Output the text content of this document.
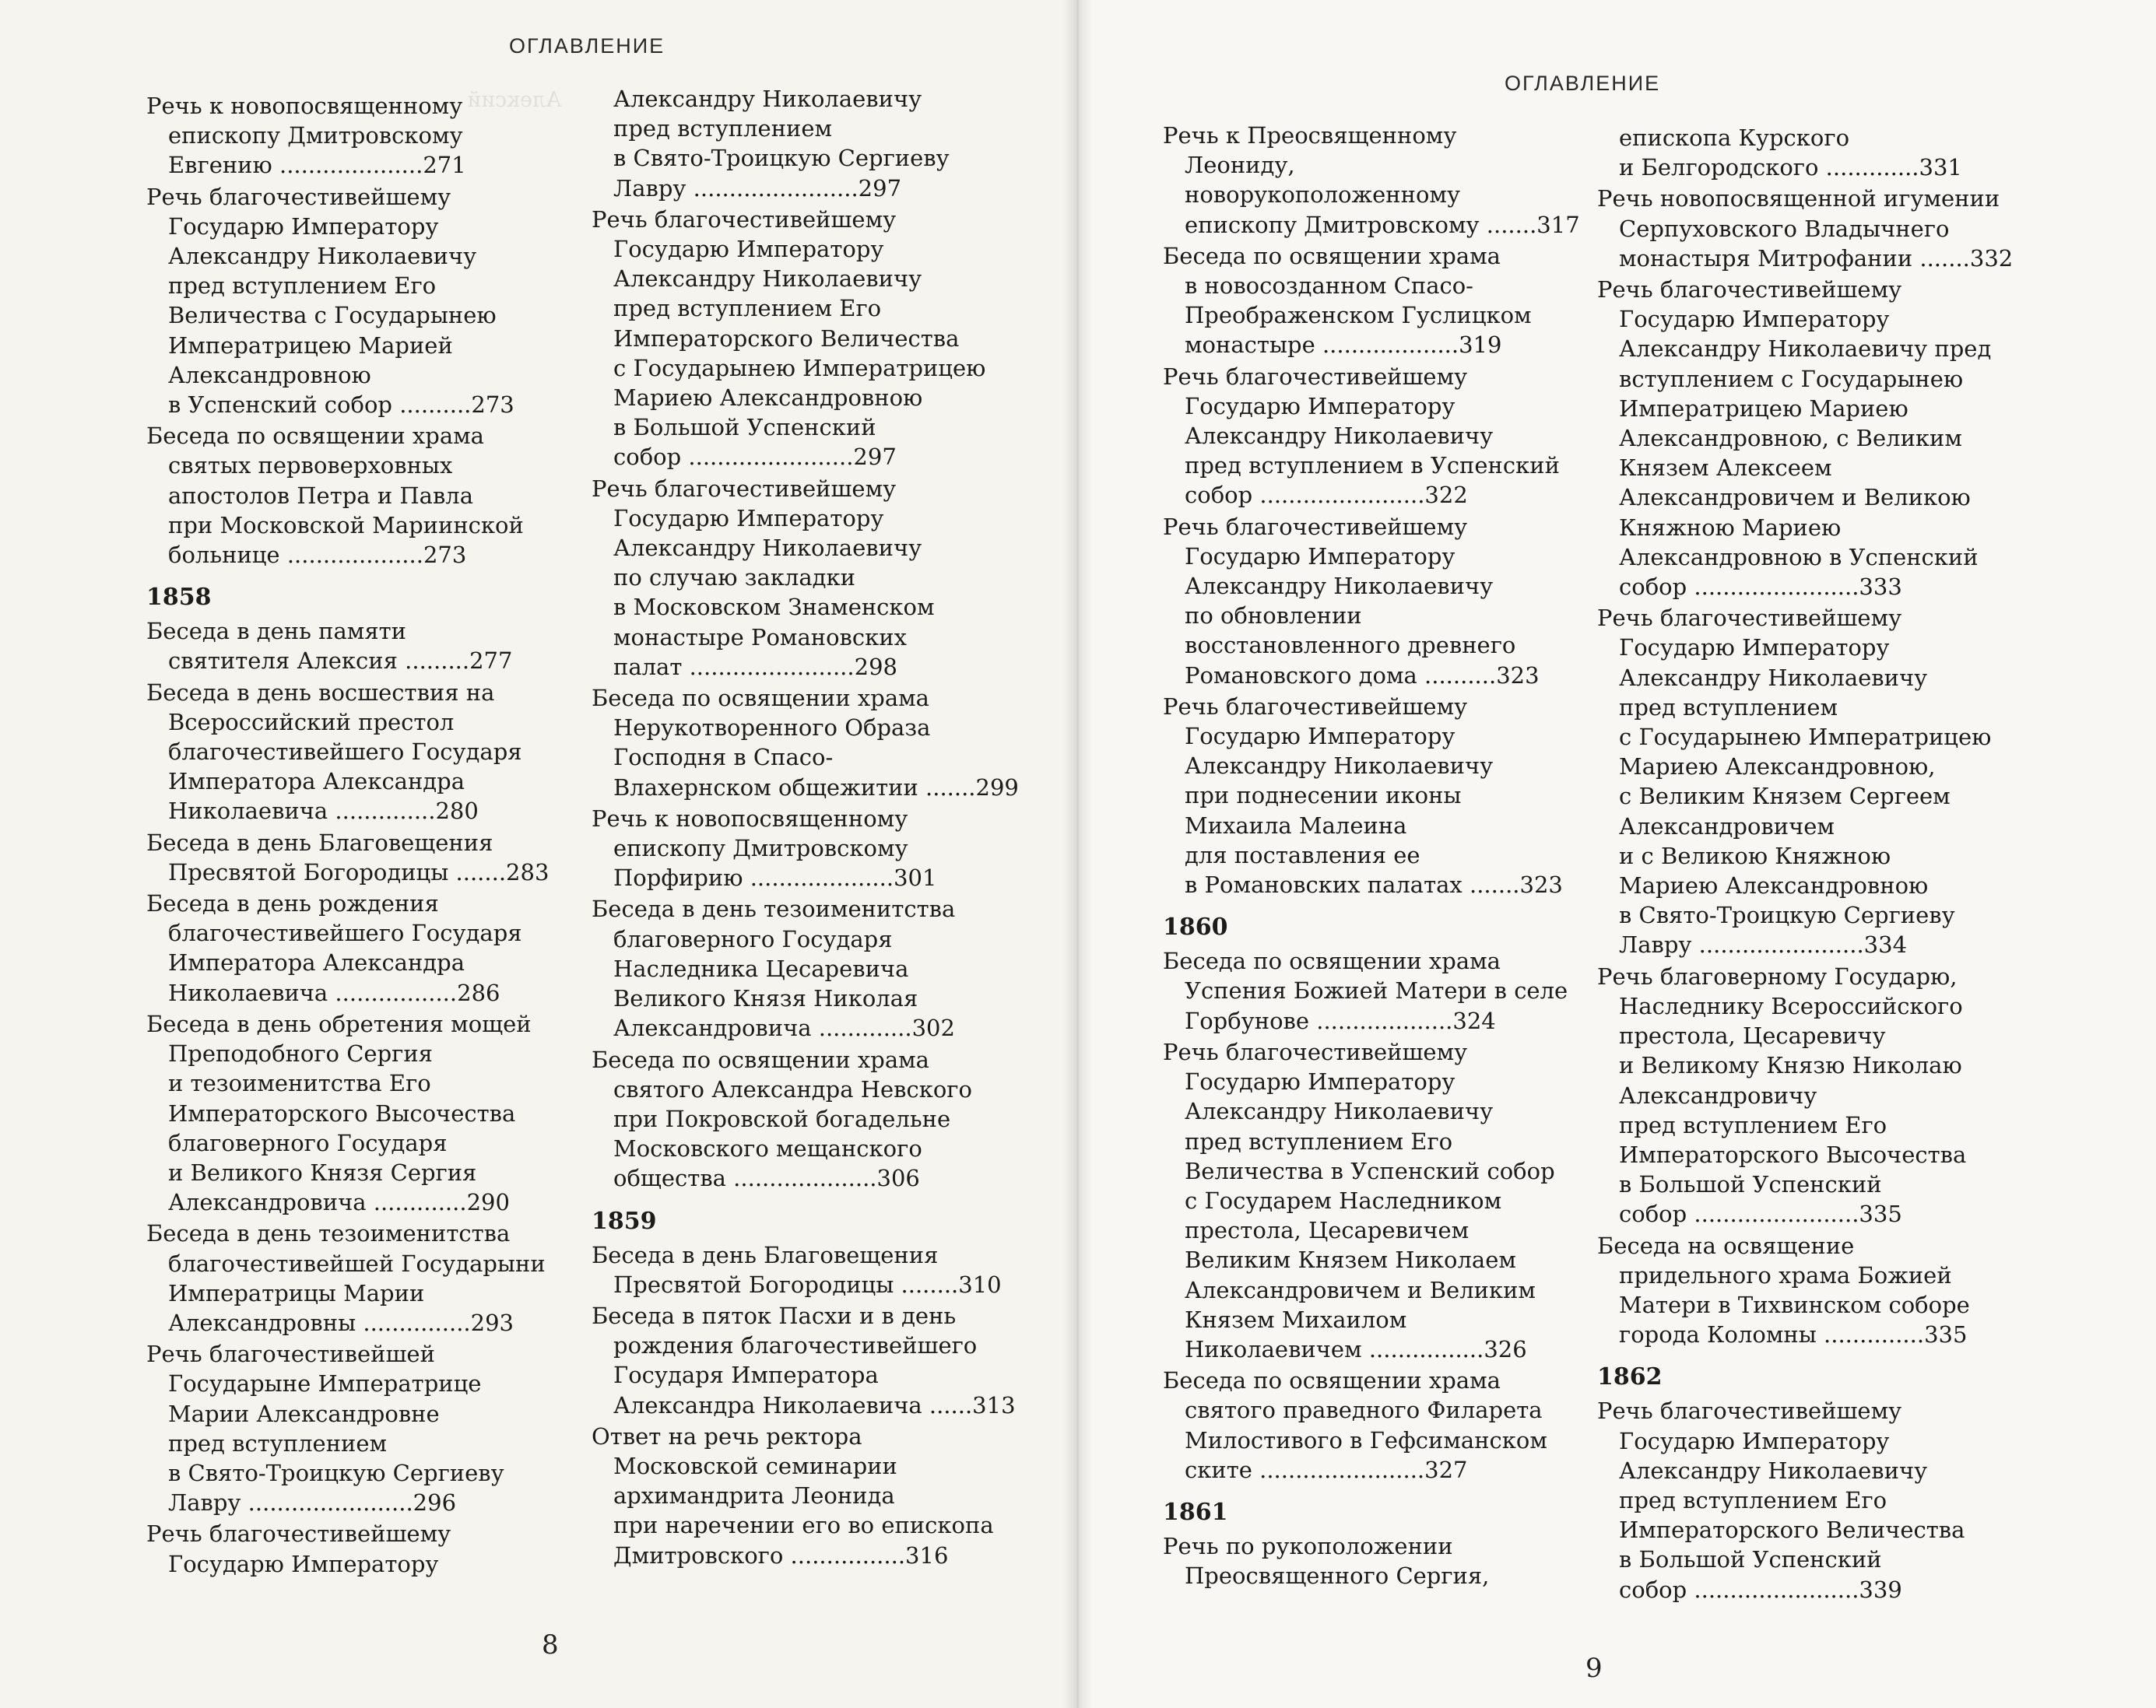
ОГЛАВЛЕНИЕ
Алексий
Речь к новопосвященному
епископу Дмитровскому
Евгению ....................271
Речь благочестивейшему
Государю Императору
Александру Николаевичу
пред вступлением Его
Величества с Государынею
Императрицею Марией
Александровною
в Успенский собор ..........273
Беседа по освящении храма
святых первоверховных
апостолов Петра и Павла
при Московской Мариинской
больнице ...................273
1858
Беседа в день памяти
святителя Алексия .........277
Беседа в день восшествия на
Всероссийский престол
благочестивейшего Государя
Императора Александра
Николаевича ..............280
Беседа в день Благовещения
Пресвятой Богородицы .......283
Беседа в день рождения
благочестивейшего Государя
Императора Александра
Николаевича .................286
Беседа в день обретения мощей
Преподобного Сергия
и тезоименитства Его
Императорского Высочества
благоверного Государя
и Великого Князя Сергия
Александровича .............290
Беседа в день тезоименитства
благочестивейшей Государыни
Императрицы Марии
Александровны ...............293
Речь благочестивейшей
Государыне Императрице
Марии Александровне
пред вступлением
в Свято-Троицкую Сергиеву
Лавру .......................296
Речь благочестивейшему
Государю Императору
Александру Николаевичу
пред вступлением
в Свято-Троицкую Сергиеву
Лавру .......................297
Речь благочестивейшему
Государю Императору
Александру Николаевичу
пред вступлением Его
Императорского Величества
с Государынею Императрицею
Мариею Александровною
в Большой Успенский
собор .......................297
Речь благочестивейшему
Государю Императору
Александру Николаевичу
по случаю закладки
в Московском Знаменском
монастыре Романовских
палат .......................298
Беседа по освящении храма
Нерукотворенного Образа
Господня в Спасо-
Влахернском общежитии .......299
Речь к новопосвященному
епископу Дмитровскому
Порфирию ....................301
Беседа в день тезоименитства
благоверного Государя
Наследника Цесаревича
Великого Князя Николая
Александровича .............302
Беседа по освящении храма
святого Александра Невского
при Покровской богадельне
Московского мещанского
общества ....................306
1859
Беседа в день Благовещения
Пресвятой Богородицы ........310
Беседа в пяток Пасхи и в день
рождения благочестивейшего
Государя Императора
Александра Николаевича ......313
Ответ на речь ректора
Московской семинарии
архимандрита Леонида
при наречении его во епископа
Дмитровского ................316
8
ОГЛАВЛЕНИЕ
Речь к Преосвященному
Леониду,
новорукоположенному
епископу Дмитровскому .......317
Беседа по освящении храма
в новосозданном Спасо-
Преображенском Гуслицком
монастыре ...................319
Речь благочестивейшему
Государю Императору
Александру Николаевичу
пред вступлением в Успенский
собор .......................322
Речь благочестивейшему
Государю Императору
Александру Николаевичу
по обновлении
восстановленного древнего
Романовского дома ..........323
Речь благочестивейшему
Государю Императору
Александру Николаевичу
при поднесении иконы
Михаила Малеина
для поставления ее
в Романовских палатах .......323
1860
Беседа по освящении храма
Успения Божией Матери в селе
Горбунове ...................324
Речь благочестивейшему
Государю Императору
Александру Николаевичу
пред вступлением Его
Величества в Успенский собор
с Государем Наследником
престола, Цесаревичем
Великим Князем Николаем
Александровичем и Великим
Князем Михаилом
Николаевичем ................326
Беседа по освящении храма
святого праведного Филарета
Милостивого в Гефсиманском
ските .......................327
1861
Речь по рукоположении
Преосвященного Сергия,
епископа Курского
и Белгородского .............331
Речь новопосвященной игумении
Серпуховского Владычнего
монастыря Митрофании .......332
Речь благочестивейшему
Государю Императору
Александру Николаевичу пред
вступлением с Государынею
Императрицею Мариею
Александровною, с Великим
Князем Алексеем
Александровичем и Великою
Княжною Мариею
Александровною в Успенский
собор .......................333
Речь благочестивейшему
Государю Императору
Александру Николаевичу
пред вступлением
с Государынею Императрицею
Мариею Александровною,
с Великим Князем Сергеем
Александровичем
и с Великою Княжною
Мариею Александровною
в Свято-Троицкую Сергиеву
Лавру .......................334
Речь благоверному Государю,
Наследнику Всероссийского
престола, Цесаревичу
и Великому Князю Николаю
Александровичу
пред вступлением Его
Императорского Высочества
в Большой Успенский
собор .......................335
Беседа на освящение
придельного храма Божией
Матери в Тихвинском соборе
города Коломны ..............335
1862
Речь благочестивейшему
Государю Императору
Александру Николаевичу
пред вступлением Его
Императорского Величества
в Большой Успенский
собор .......................339
9
